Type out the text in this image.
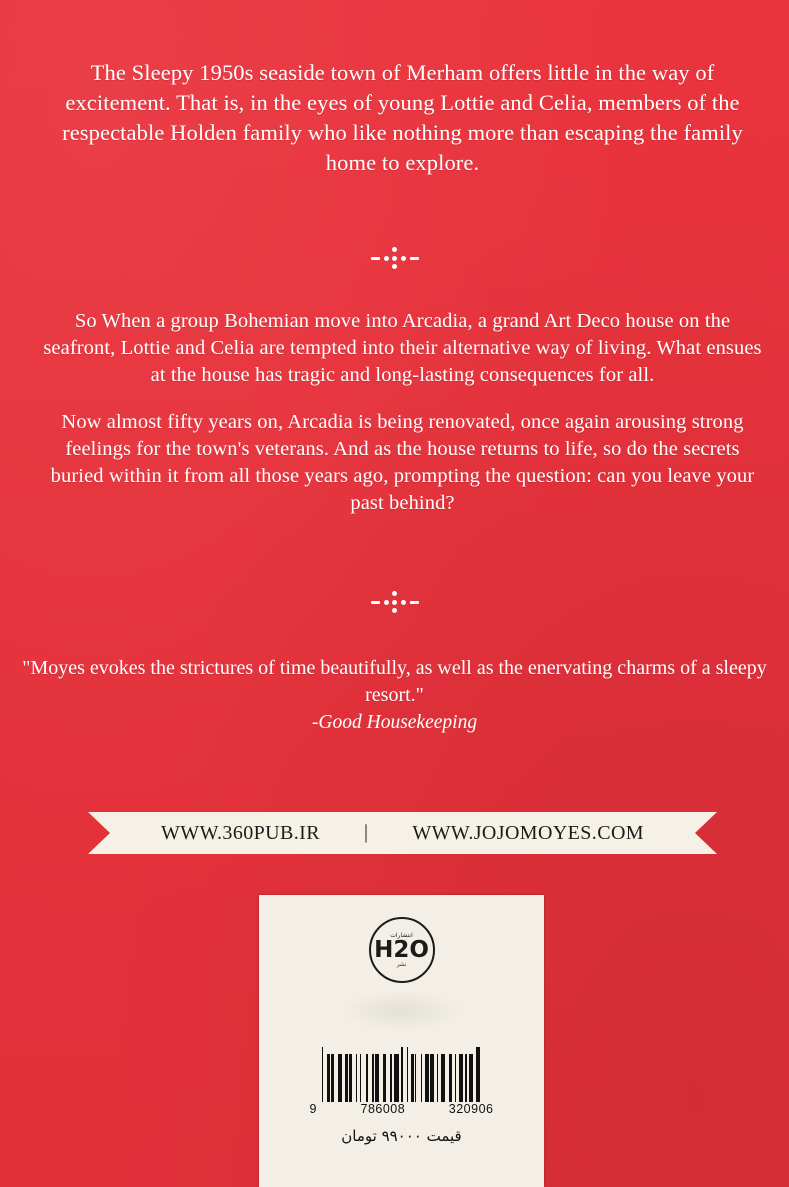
The Sleepy 1950s seaside town of Merham offers little in the way of excitement. That is, in the eyes of young Lottie and Celia, members of the respectable Holden family who like nothing more than escaping the family home to explore.
So When a group Bohemian move into Arcadia, a grand Art Deco house on the seafront, Lottie and Celia are tempted into their alternative way of living. What ensues at the house has tragic and long-lasting consequences for all.
Now almost fifty years on, Arcadia is being renovated, once again arousing strong feelings for the town's veterans. And as the house returns to life, so do the secrets buried within it from all those years ago, prompting the question: can you leave your past behind?
"Moyes evokes the strictures of time beautifully, as well as the enervating charms of a sleepy resort."
-Good Housekeeping
WWW.360PUB.IR | WWW.JOJOMOYES.COM
انتشارات
H2O
نشر
9	786008	320906
قیمت ۹۹۰۰۰ تومان
